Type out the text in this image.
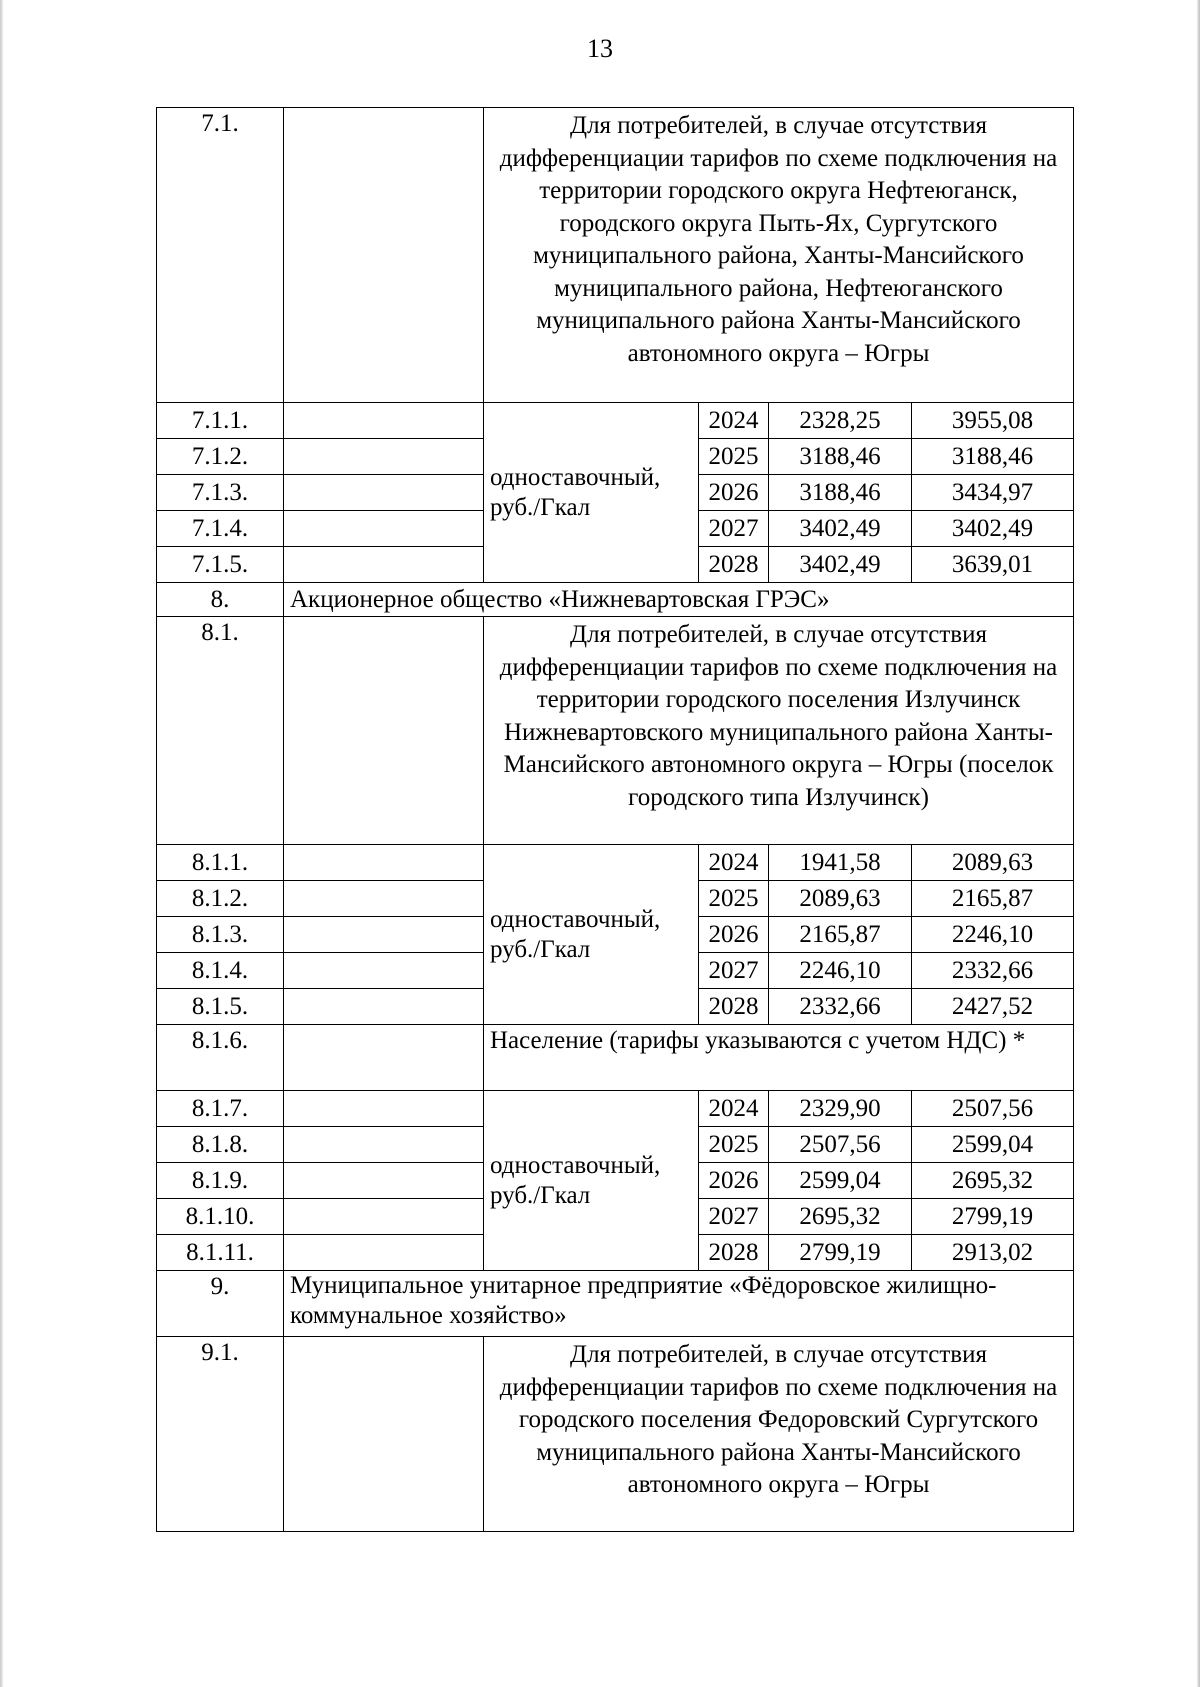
13
7.1.		Для потребителей, в случае отсутствия дифференциации тарифов по схеме подключения на территории городского округа Нефтеюганск, городского округа Пыть-Ях, Сургутского муниципального района, Ханты-Мансийского муниципального района, Нефтеюганского муниципального района Ханты-Мансийского автономного округа – Югры			
7.1.1.		одноставочный, руб./Гкал	2024	2328,25	3955,08
7.1.2.			2025	3188,46	3188,46
7.1.3.			2026	3188,46	3434,97
7.1.4.			2027	3402,49	3402,49
7.1.5.			2028	3402,49	3639,01
8.	Акционерное общество «Нижневартовская ГРЭС»				
8.1.		Для потребителей, в случае отсутствия дифференциации тарифов по схеме подключения на территории городского поселения Излучинск Нижневартовского муниципального района Ханты-Мансийского автономного округа – Югры (поселок городского типа Излучинск)			
8.1.1.		одноставочный, руб./Гкал	2024	1941,58	2089,63
8.1.2.			2025	2089,63	2165,87
8.1.3.			2026	2165,87	2246,10
8.1.4.			2027	2246,10	2332,66
8.1.5.			2028	2332,66	2427,52
8.1.6.		Население (тарифы указываются с учетом НДС) *			
8.1.7.		одноставочный, руб./Гкал	2024	2329,90	2507,56
8.1.8.			2025	2507,56	2599,04
8.1.9.			2026	2599,04	2695,32
8.1.10.			2027	2695,32	2799,19
8.1.11.			2028	2799,19	2913,02
9.	Муниципальное унитарное предприятие «Фёдоровское жилищно-коммунальное хозяйство»				
9.1.		Для потребителей, в случае отсутствия дифференциации тарифов по схеме подключения на городского поселения Федоровский Сургутского муниципального района Ханты-Мансийского автономного округа – Югры			
